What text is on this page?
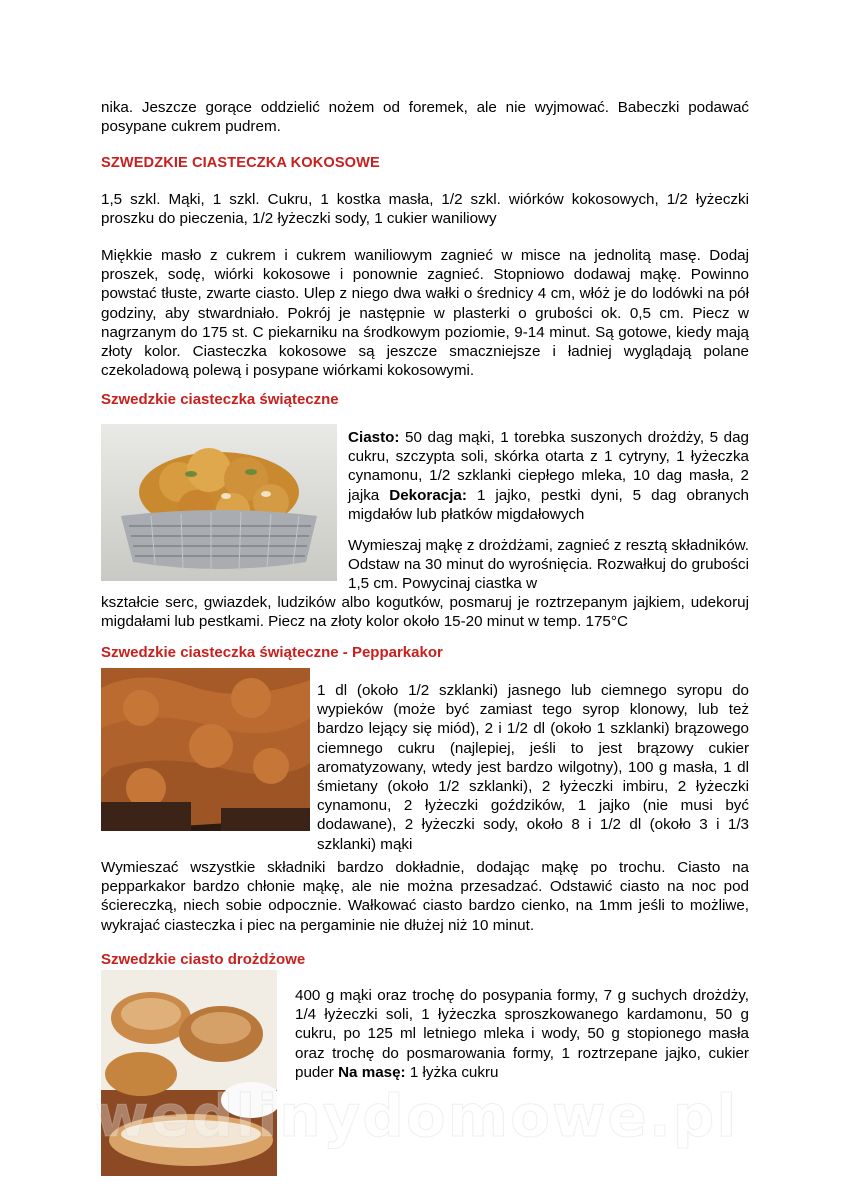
nika. Jeszcze gorące oddzielić nożem od foremek, ale nie wyjmować. Babeczki podawać

posypane cukrem pudrem.

SZWEDZKIE CIASTECZKA KOKOSOWE

1,5 szkl. Mąki, 1 szkl. Cukru, 1 kostka masła, 1/2 szkl. wiórków kokosowych, 1/2 łyżeczki proszku do pieczenia, 1/2 łyżeczki sody, 1 cukier waniliowy

Miękkie masło z cukrem i cukrem waniliowym zagnieć w misce na jednolitą masę. Dodaj proszek, sodę, wiórki kokosowe i ponownie zagnieć. Stopniowo dodawaj mąkę. Powinno powstać tłuste, zwarte ciasto. Ulep z niego dwa wałki o średnicy 4 cm, włóż je do lodówki na pół godziny, aby stwardniało. Pokrój je następnie w plasterki o grubości ok. 0,5 cm. Piecz w nagrzanym do 175 st. C piekarniku na środkowym poziomie, 9-14 minut. Są gotowe, kiedy mają złoty kolor. Ciasteczka kokosowe są jeszcze smaczniejsze i ładniej wyglądają polane czekoladową polewą i posypane wiórkami kokosowymi.

Szwedzkie ciasteczka świąteczne

Ciasto: 50 dag mąki, 1 torebka suszonych drożdży, 5 dag cukru, szczypta soli, skórka otarta z 1 cytryny, 1 łyżeczka cynamonu, 1/2 szklanki ciepłego mleka, 10 dag masła, 2 jajka Dekoracja: 1 jajko, pestki dyni, 5 dag obranych migdałów lub płatków migdałowych

Wymieszaj mąkę z drożdżami, zagnieć z resztą składników. Odstaw na 30 minut do wyrośnięcia. Rozwałkuj do grubości 1,5 cm. Powycinaj ciastka w

kształcie serc, gwiazdek, ludzików albo kogutków, posmaruj je roztrzepanym jajkiem, udekoruj migdałami lub pestkami. Piecz na złoty kolor około 15-20 minut w temp. 175°C

Szwedzkie ciasteczka świąteczne - Pepparkakor

1 dl (około 1/2 szklanki) jasnego lub ciemnego syropu do wypieków (może być zamiast tego syrop klonowy, lub też bardzo lejący się miód), 2 i 1/2 dl (około 1 szklanki) brązowego ciemnego cukru (najlepiej, jeśli to jest brązowy cukier aromatyzowany, wtedy jest bardzo wilgotny), 100 g masła, 1 dl śmietany (około 1/2 szklanki), 2 łyżeczki imbiru, 2 łyżeczki cynamonu, 2 łyżeczki goździków, 1 jajko (nie musi być dodawane), 2 łyżeczki sody, około 8 i 1/2 dl (około 3 i 1/3 szklanki) mąki

Wymieszać wszystkie składniki bardzo dokładnie, dodając mąkę po trochu. Ciasto na pepparkakor bardzo chłonie mąkę, ale nie można przesadzać. Odstawić ciasto na noc pod ściereczką, niech sobie odpocznie. Wałkować ciasto bardzo cienko, na 1mm jeśli to możliwe, wykrajać ciasteczka i piec na pergaminie nie dłużej niż 10 minut.

Szwedzkie ciasto drożdżowe

400 g mąki oraz trochę do posypania formy, 7 g suchych drożdży, 1/4 łyżeczki soli, 1 łyżeczka sproszkowanego kardamonu, 50 g cukru, po 125 ml letniego mleka i wody, 50 g stopionego masła oraz trochę do posmarowania formy, 1 roztrzepane jajko, cukier puder Na masę: 1 łyżka cukru

wedlinydomowe.pl
